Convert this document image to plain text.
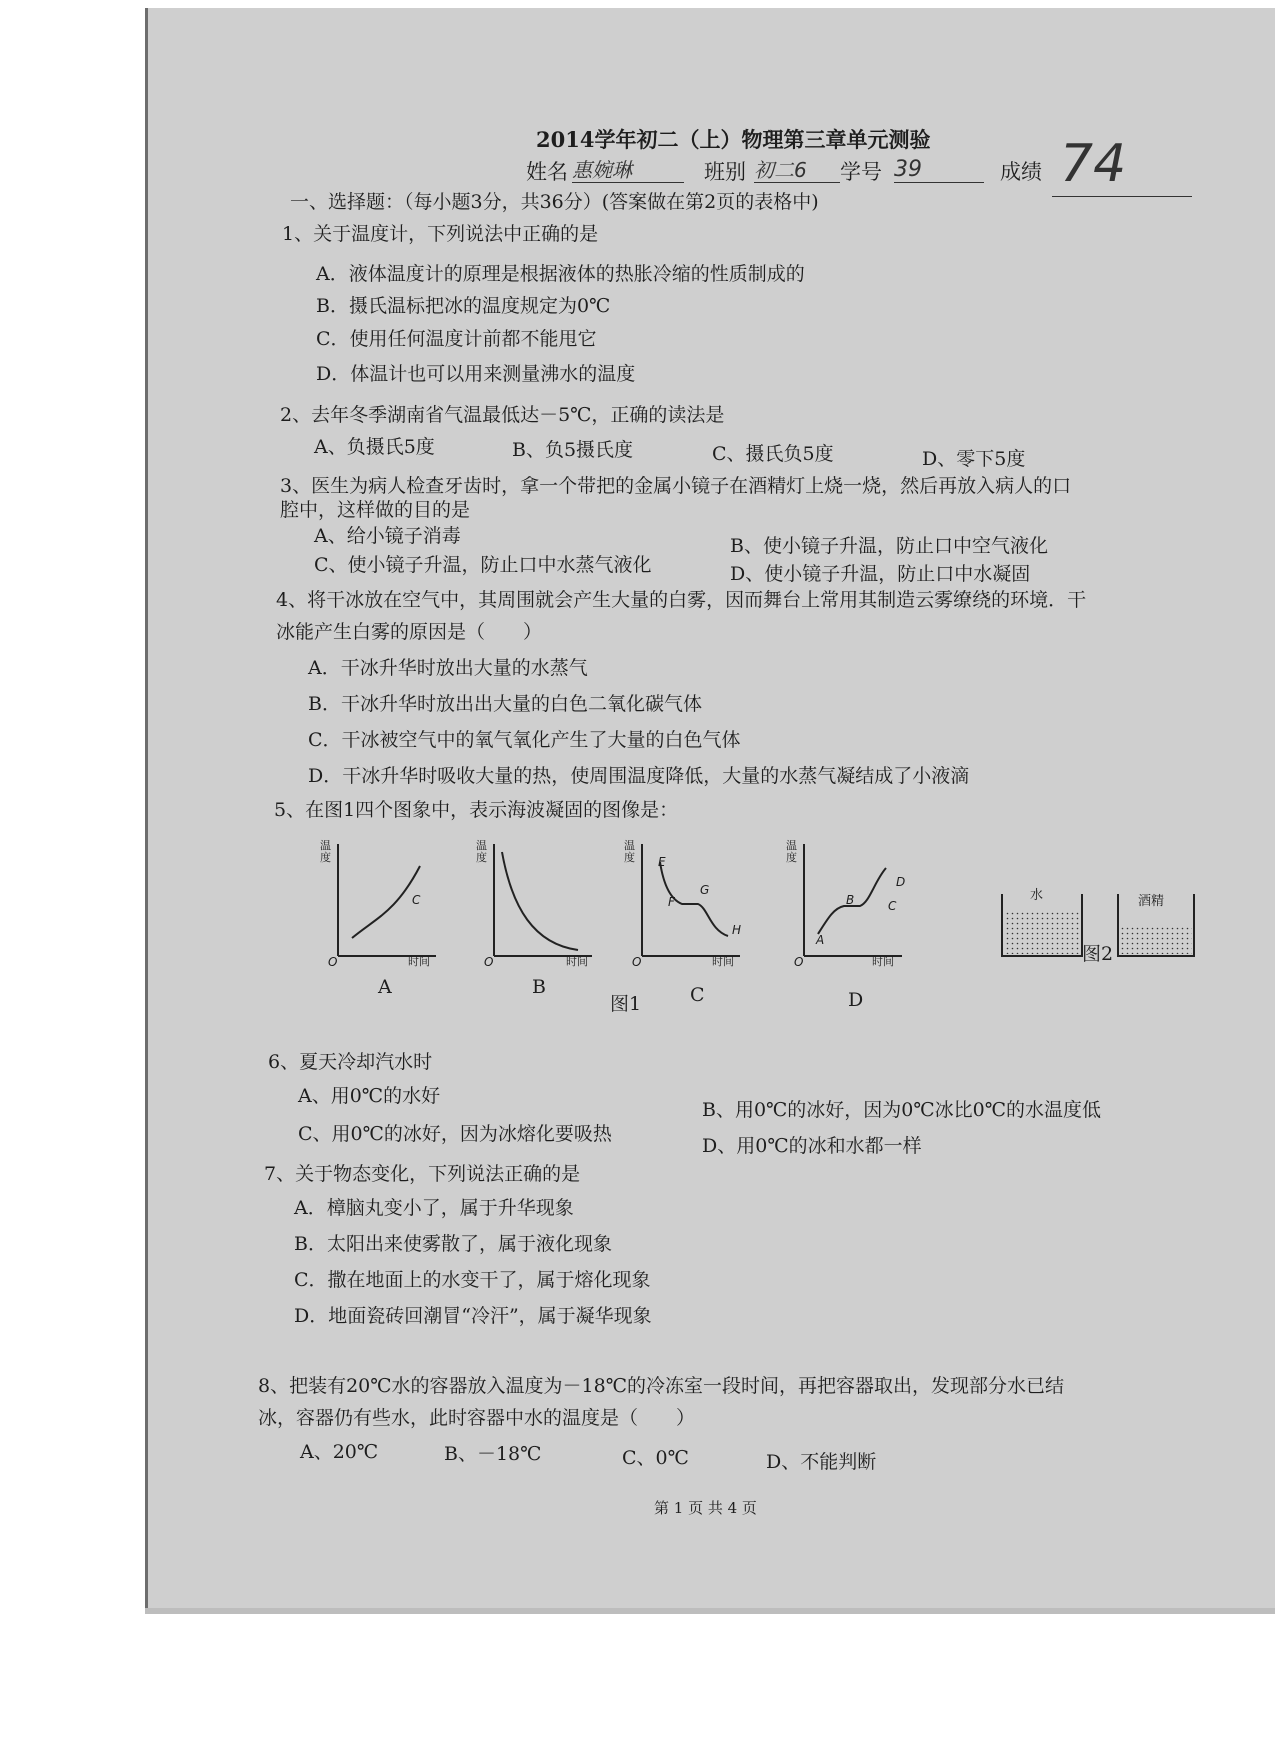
2014学年初二（上）物理第三章单元测验
姓名 惠婉琳	班别 初二6	学号 39	成绩 74
一、选择题：（每小题3分，共36分）(答案做在第2页的表格中)
1、关于温度计，下列说法中正确的是
A．液体温度计的原理是根据液体的热胀冷缩的性质制成的
B．摄氏温标把冰的温度规定为0℃
C．使用任何温度计前都不能甩它
D．体温计也可以用来测量沸水的温度
2、去年冬季湖南省气温最低达－5℃，正确的读法是
A、负摄氏5度	B、负5摄氏度	C、摄氏负5度	D、零下5度
3、医生为病人检查牙齿时，拿一个带把的金属小镜子在酒精灯上烧一烧，然后再放入病人的口
腔中，这样做的目的是
A、给小镜子消毒	B、使小镜子升温，防止口中空气液化
C、使小镜子升温，防止口中水蒸气液化	D、使小镜子升温，防止口中水凝固
4、将干冰放在空气中，其周围就会产生大量的白雾，因而舞台上常用其制造云雾缭绕的环境．干
冰能产生白雾的原因是（　　）
A．干冰升华时放出大量的水蒸气
B．干冰升华时放出出大量的白色二氧化碳气体
C．干冰被空气中的氧气氧化产生了大量的白色气体
D．干冰升华时吸收大量的热，使周围温度降低，大量的水蒸气凝结成了小液滴
5、在图1四个图象中，表示海波凝固的图像是：
温度
时间
O
C
A
温度
时间
O
B
温度
时间
O
E
F
G
H
C
温度
时间
O
A
B	C
D
D
图1
水	酒精
图2
6、夏天冷却汽水时
A、用0℃的水好
B、用0℃的冰好，因为0℃冰比0℃的水温度低
C、用0℃的冰好，因为冰熔化要吸热
D、用0℃的冰和水都一样
7、关于物态变化，下列说法正确的是
A．樟脑丸变小了，属于升华现象
B．太阳出来使雾散了，属于液化现象
C．撒在地面上的水变干了，属于熔化现象
D．地面瓷砖回潮冒“冷汗”，属于凝华现象
8、把装有20℃水的容器放入温度为－18℃的冷冻室一段时间，再把容器取出，发现部分水已结
冰，容器仍有些水，此时容器中水的温度是（　　）
A、20℃	B、－18℃	C、0℃	D、不能判断
第 1 页 共 4 页
